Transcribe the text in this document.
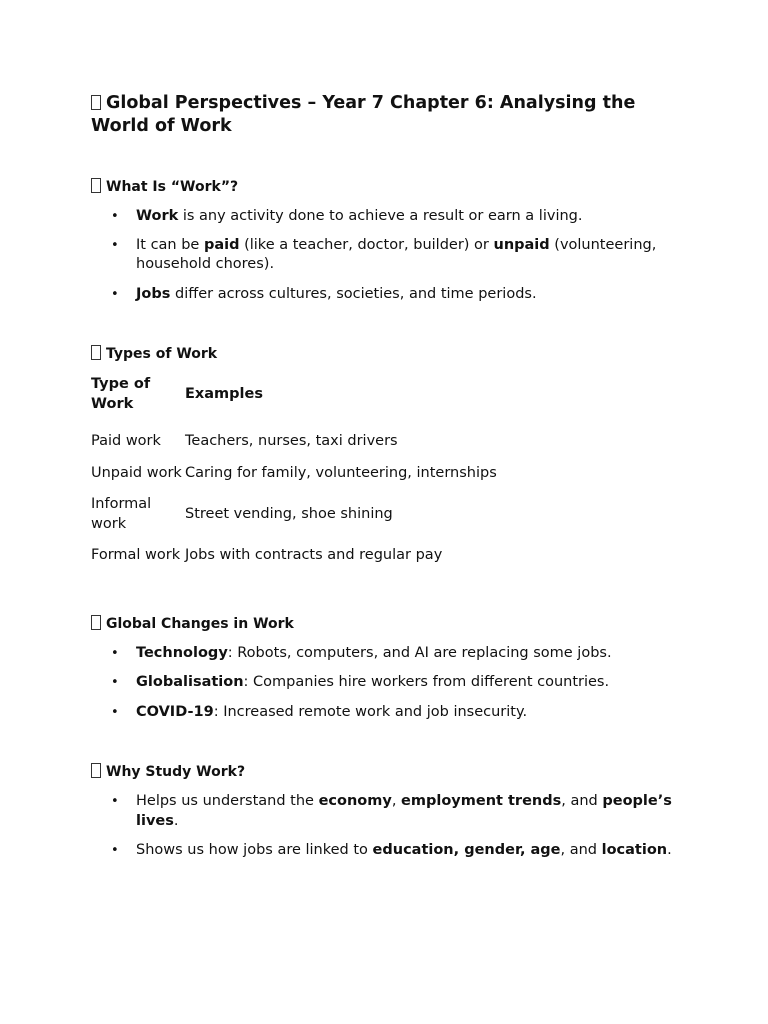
Global Perspectives – Year 7 Chapter 6: Analysing the World of Work
What Is “Work”?
• Work is any activity done to achieve a result or earn a living.
• It can be paid (like a teacher, doctor, builder) or unpaid (volunteering, household chores).
• Jobs differ across cultures, societies, and time periods.
Types of Work
Type of Work	Examples
Paid work	Teachers, nurses, taxi drivers
Unpaid work	Caring for family, volunteering, internships
Informal work	Street vending, shoe shining
Formal work	Jobs with contracts and regular pay
Global Changes in Work
• Technology: Robots, computers, and AI are replacing some jobs.
• Globalisation: Companies hire workers from different countries.
• COVID-19: Increased remote work and job insecurity.
Why Study Work?
• Helps us understand the economy, employment trends, and people’s lives.
• Shows us how jobs are linked to education, gender, age, and location.
